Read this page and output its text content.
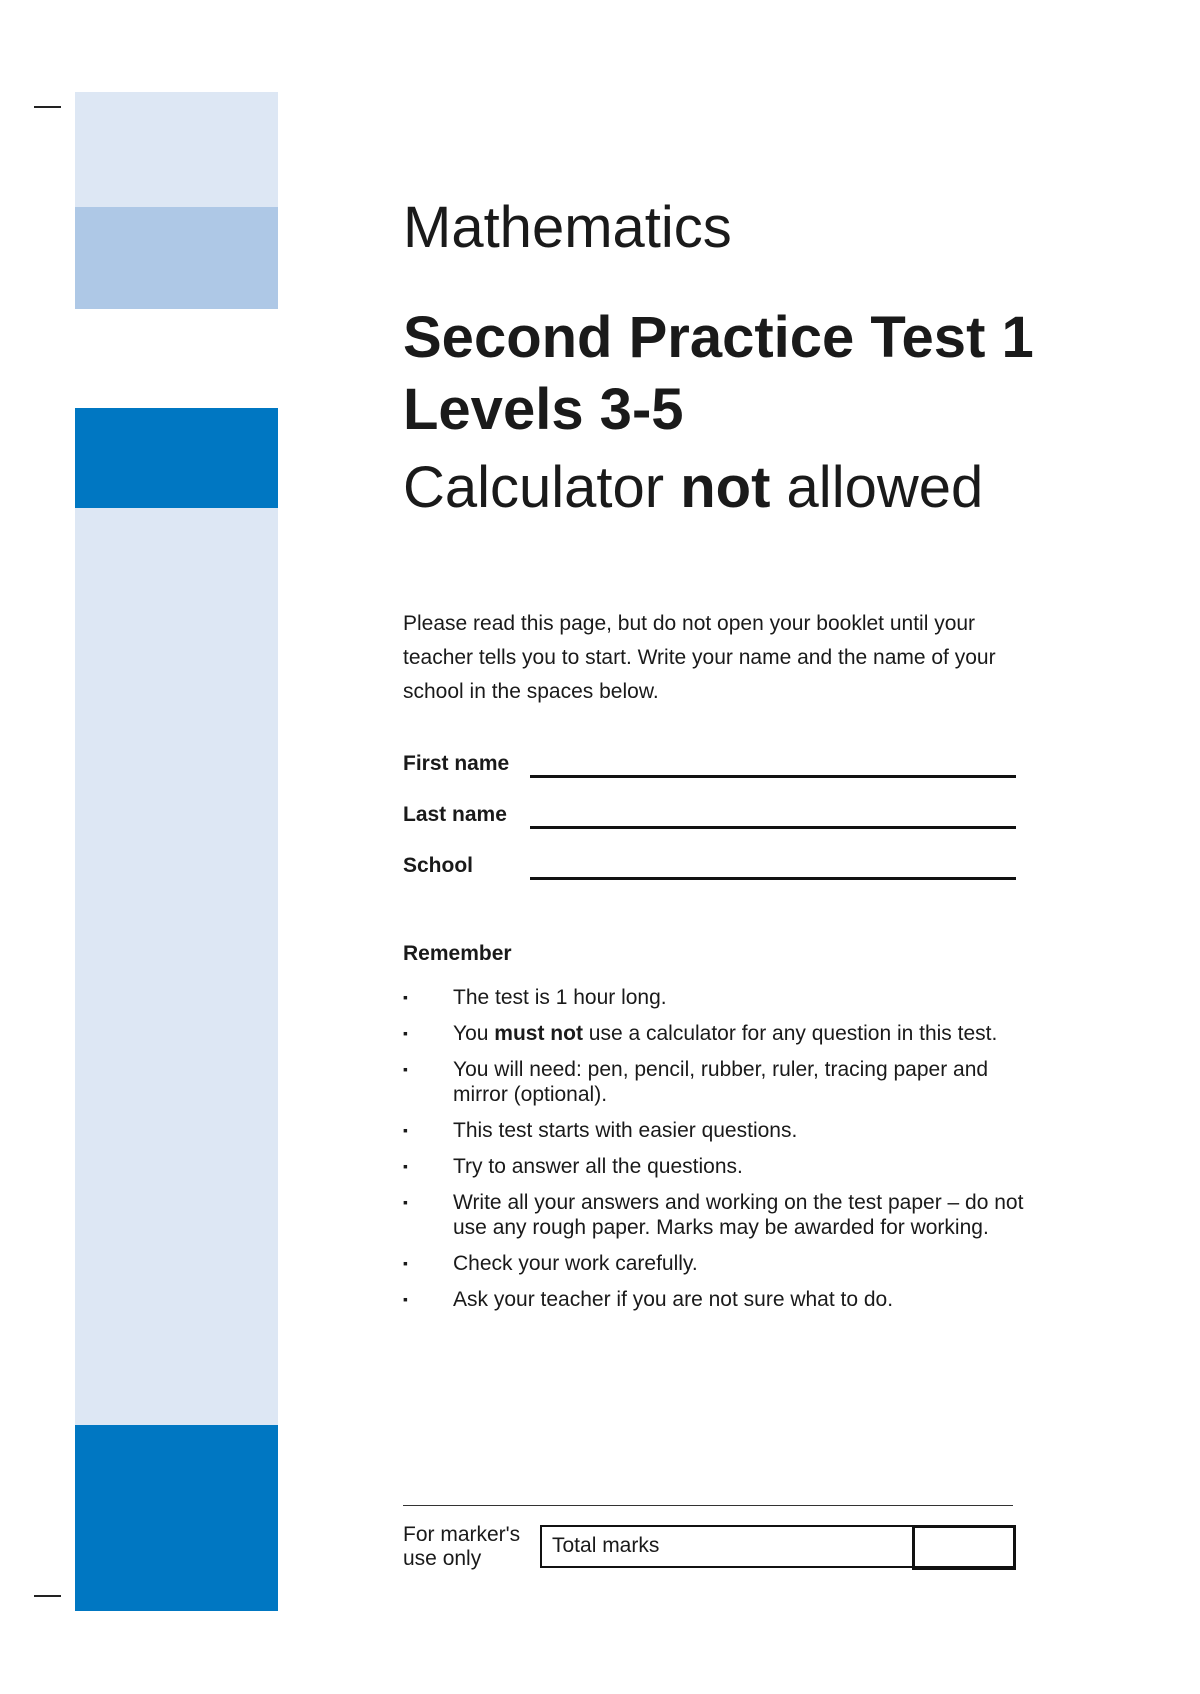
Mathematics
Second Practice Test 1
Levels 3-5
Calculator not allowed
Please read this page, but do not open your booklet until your teacher tells you to start. Write your name and the name of your school in the spaces below.
First name
Last name
School
Remember
▪ The test is 1 hour long.
▪ You must not use a calculator for any question in this test.
▪ You will need: pen, pencil, rubber, ruler, tracing paper and mirror (optional).
▪ This test starts with easier questions.
▪ Try to answer all the questions.
▪ Write all your answers and working on the test paper – do not use any rough paper. Marks may be awarded for working.
▪ Check your work carefully.
▪ Ask your teacher if you are not sure what to do.
For marker's
use only
Total marks
